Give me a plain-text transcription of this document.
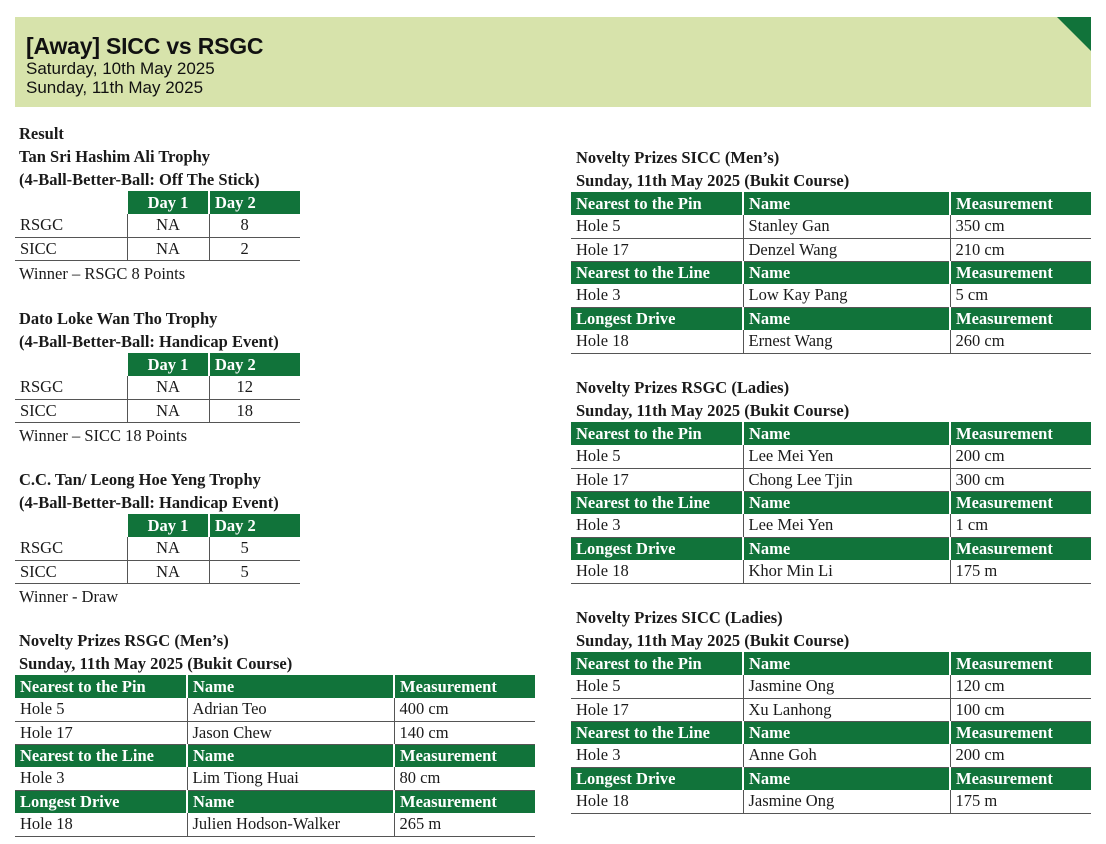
[Away] SICC vs RSGC
Saturday, 10th May 2025
Sunday, 11th May 2025
Result
Tan Sri Hashim Ali Trophy
(4-Ball-Better-Ball: Off The Stick)
	Day 1	Day 2
RSGC	NA	8
SICC	NA	2
Winner – RSGC 8 Points
Dato Loke Wan Tho Trophy
(4-Ball-Better-Ball: Handicap Event)
	Day 1	Day 2
RSGC	NA	12
SICC	NA	18
Winner – SICC 18 Points
C.C. Tan/ Leong Hoe Yeng Trophy
(4-Ball-Better-Ball: Handicap Event)
	Day 1	Day 2
RSGC	NA	5
SICC	NA	5
Winner - Draw
Novelty Prizes RSGC (Men’s)
Sunday, 11th May 2025 (Bukit Course)
Nearest to the Pin	Name	Measurement
Hole 5	Adrian Teo	400 cm
Hole 17	Jason Chew	140 cm
Nearest to the Line	Name	Measurement
Hole 3	Lim Tiong Huai	80 cm
Longest Drive	Name	Measurement
Hole 18	Julien Hodson-Walker	265 m
Novelty Prizes SICC (Men’s)
Sunday, 11th May 2025 (Bukit Course)
Nearest to the Pin	Name	Measurement
Hole 5	Stanley Gan	350 cm
Hole 17	Denzel Wang	210 cm
Nearest to the Line	Name	Measurement
Hole 3	Low Kay Pang	5 cm
Longest Drive	Name	Measurement
Hole 18	Ernest Wang	260 cm
Novelty Prizes RSGC (Ladies)
Sunday, 11th May 2025 (Bukit Course)
Nearest to the Pin	Name	Measurement
Hole 5	Lee Mei Yen	200 cm
Hole 17	Chong Lee Tjin	300 cm
Nearest to the Line	Name	Measurement
Hole 3	Lee Mei Yen	1 cm
Longest Drive	Name	Measurement
Hole 18	Khor Min Li	175 m
Novelty Prizes SICC (Ladies)
Sunday, 11th May 2025 (Bukit Course)
Nearest to the Pin	Name	Measurement
Hole 5	Jasmine Ong	120 cm
Hole 17	Xu Lanhong	100 cm
Nearest to the Line	Name	Measurement
Hole 3	Anne Goh	200 cm
Longest Drive	Name	Measurement
Hole 18	Jasmine Ong	175 m
